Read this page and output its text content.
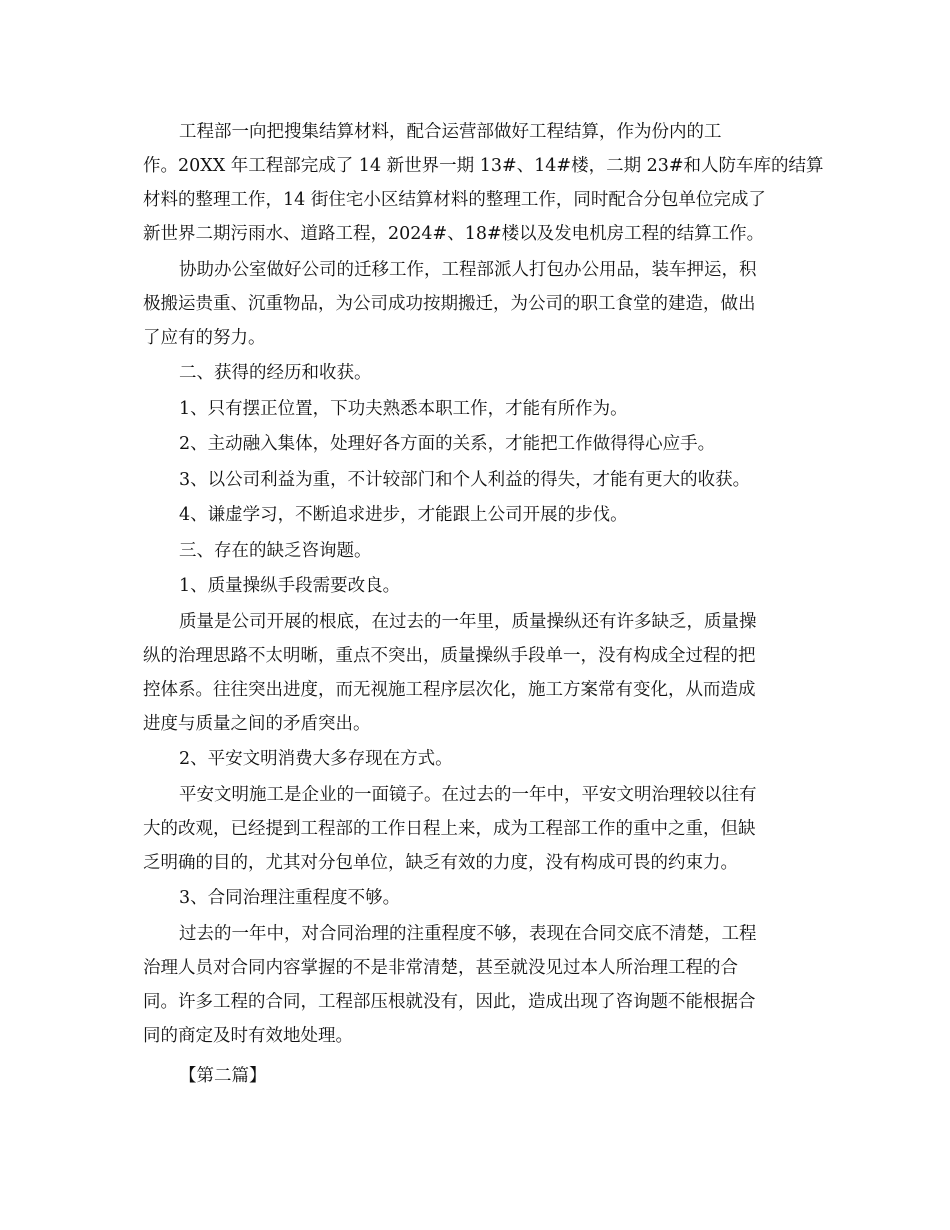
工程部一向把搜集结算材料，配合运营部做好工程结算，作为份内的工
作。20XX 年工程部完成了 14 新世界一期 13#、14#楼，二期 23#和人防车库的结算
材料的整理工作，14 街住宅小区结算材料的整理工作，同时配合分包单位完成了
新世界二期污雨水、道路工程，2024#、18#楼以及发电机房工程的结算工作。

协助办公室做好公司的迁移工作，工程部派人打包办公用品，装车押运，积
极搬运贵重、沉重物品，为公司成功按期搬迁，为公司的职工食堂的建造，做出
了应有的努力。

二、获得的经历和收获。

1、只有摆正位置，下功夫熟悉本职工作，才能有所作为。

2、主动融入集体，处理好各方面的关系，才能把工作做得得心应手。

3、以公司利益为重，不计较部门和个人利益的得失，才能有更大的收获。

4、谦虚学习，不断追求进步，才能跟上公司开展的步伐。

三、存在的缺乏咨询题。

1、质量操纵手段需要改良。

质量是公司开展的根底，在过去的一年里，质量操纵还有许多缺乏，质量操
纵的治理思路不太明晰，重点不突出，质量操纵手段单一，没有构成全过程的把
控体系。往往突出进度，而无视施工程序层次化，施工方案常有变化，从而造成
进度与质量之间的矛盾突出。

2、平安文明消费大多存现在方式。

平安文明施工是企业的一面镜子。在过去的一年中，平安文明治理较以往有
大的改观，已经提到工程部的工作日程上来，成为工程部工作的重中之重，但缺
乏明确的目的，尤其对分包单位，缺乏有效的力度，没有构成可畏的约束力。

3、合同治理注重程度不够。

过去的一年中，对合同治理的注重程度不够，表现在合同交底不清楚，工程
治理人员对合同内容掌握的不是非常清楚，甚至就没见过本人所治理工程的合
同。许多工程的合同，工程部压根就没有，因此，造成出现了咨询题不能根据合
同的商定及时有效地处理。

【第二篇】
